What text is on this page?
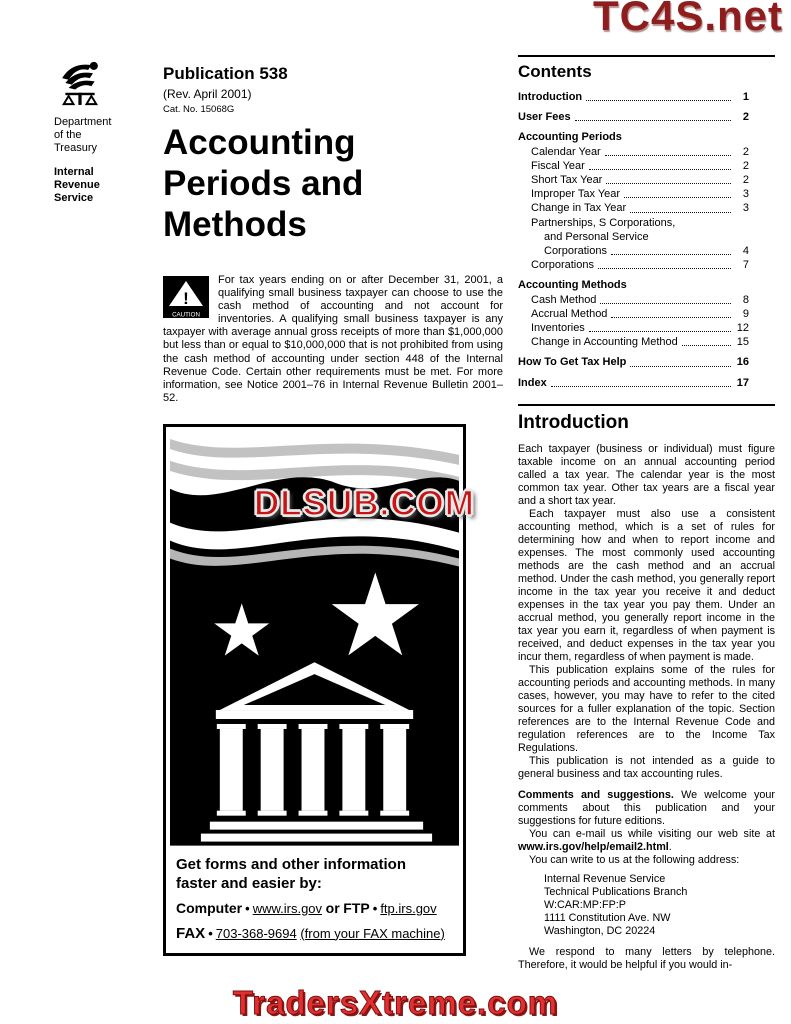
TC4S.net
Department
of the
Treasury
Internal
Revenue
Service
Publication 538
(Rev. April 2001)
Cat. No. 15068G
Accounting
Periods and
Methods
!
CAUTION
For tax years ending on or after December 31, 2001, a qualifying small business taxpayer can choose to use the cash method of accounting and not account for inventories. A qualifying small business taxpayer is any taxpayer with average annual gross receipts of more than $1,000,000 but less than or equal to $10,000,000 that is not prohibited from using the cash method of accounting under section 448 of the Internal Revenue Code. Certain other requirements must be met. For more information, see Notice 2001–76 in Internal Revenue Bulletin 2001–52.
Get forms and other information
faster and easier by:
Computer • www.irs.gov or FTP • ftp.irs.gov
FAX • 703-368-9694 (from your FAX machine)
DLSUB.COM
Contents
Introduction	1
User Fees	2
Accounting Periods
Calendar Year	2
Fiscal Year	2
Short Tax Year	2
Improper Tax Year	3
Change in Tax Year	3
Partnerships, S Corporations,
and Personal Service
Corporations	4
Corporations	7
Accounting Methods
Cash Method	8
Accrual Method	9
Inventories	12
Change in Accounting Method	15
How To Get Tax Help	16
Index	17
Introduction

Each taxpayer (business or individual) must figure taxable income on an annual accounting period called a tax year. The calendar year is the most common tax year. Other tax years are a fiscal year and a short tax year.

Each taxpayer must also use a consistent accounting method, which is a set of rules for determining how and when to report income and expenses. The most commonly used accounting methods are the cash method and an accrual method. Under the cash method, you generally report income in the tax year you receive it and deduct expenses in the tax year you pay them. Under an accrual method, you generally report income in the tax year you earn it, regardless of when payment is received, and deduct expenses in the tax year you incur them, regardless of when payment is made.

This publication explains some of the rules for accounting periods and accounting methods. In many cases, however, you may have to refer to the cited sources for a fuller explanation of the topic. Section references are to the Internal Revenue Code and regulation references are to the Income Tax Regulations.

This publication is not intended as a guide to general business and tax accounting rules.

Comments and suggestions. We welcome your comments about this publication and your suggestions for future editions.

You can e-mail us while visiting our web site at www.irs.gov/help/email2.html.

You can write to us at the following address:

Internal Revenue Service
Technical Publications Branch
W:CAR:MP:FP:P
1111 Constitution Ave. NW
Washington, DC 20224

We respond to many letters by telephone. Therefore, it would be helpful if you would in-

TradersXtreme.com
